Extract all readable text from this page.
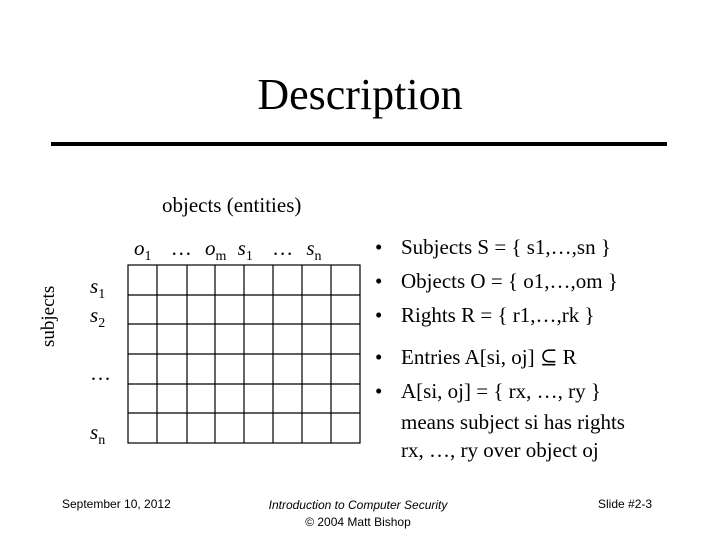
Description
objects (entities)
subjects
$o_1$ … $o_m$ $s_1$ … $s_n$
$s_1$
$s_2$
…
$s_n$
• Subjects S = { s1,…,sn }
• Objects O = { o1,…,om }
• Rights R = { r1,…,rk }
• Entries A[si, oj] ⊆ R
• A[si, oj] = { rx, …, ry }
means subject si has rights
rx, …, ry over object oj
September 10, 2012	Introduction to Computer Security
© 2004 Matt Bishop
Slide #2-3
